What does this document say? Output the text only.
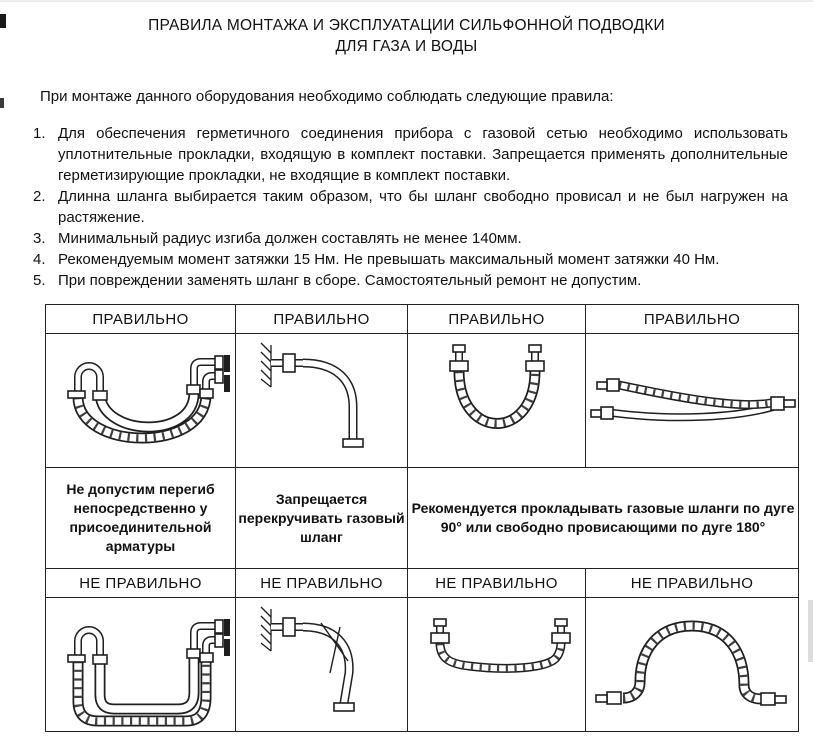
ПРАВИЛА МОНТАЖА И ЭКСПЛУАТАЦИИ СИЛЬФОННОЙ ПОДВОДКИ
ДЛЯ ГАЗА И ВОДЫ

При монтаже данного оборудования необходимо соблюдать следующие правила:

1. Для обеспечения герметичного соединения прибора с газовой сетью необходимо использовать уплотнительные прокладки, входящую в комплект поставки. Запрещается применять дополнительные герметизирующие прокладки, не входящие в комплект поставки.
2. Длинна шланга выбирается таким образом, что бы шланг свободно провисал и не был нагружен на растяжение.
3. Минимальный радиус изгиба должен составлять не менее 140мм.
4. Рекомендуемым момент затяжки 15 Нм. Не превышать максимальный момент затяжки 40 Нм.
5. При повреждении заменять шланг в сборе. Самостоятельный ремонт не допустим.
ПРАВИЛЬНО	ПРАВИЛЬНО	ПРАВИЛЬНО	ПРАВИЛЬНО

Не допустим перегиб непосредственно у присоединительной арматуры	Запрещается перекручивать газовый шланг	Рекомендуется прокладывать газовые шланги по дуге 90° или свободно провисающими по дуге 180°	
НЕ ПРАВИЛЬНО	НЕ ПРАВИЛЬНО	НЕ ПРАВИЛЬНО	НЕ ПРАВИЛЬНО
